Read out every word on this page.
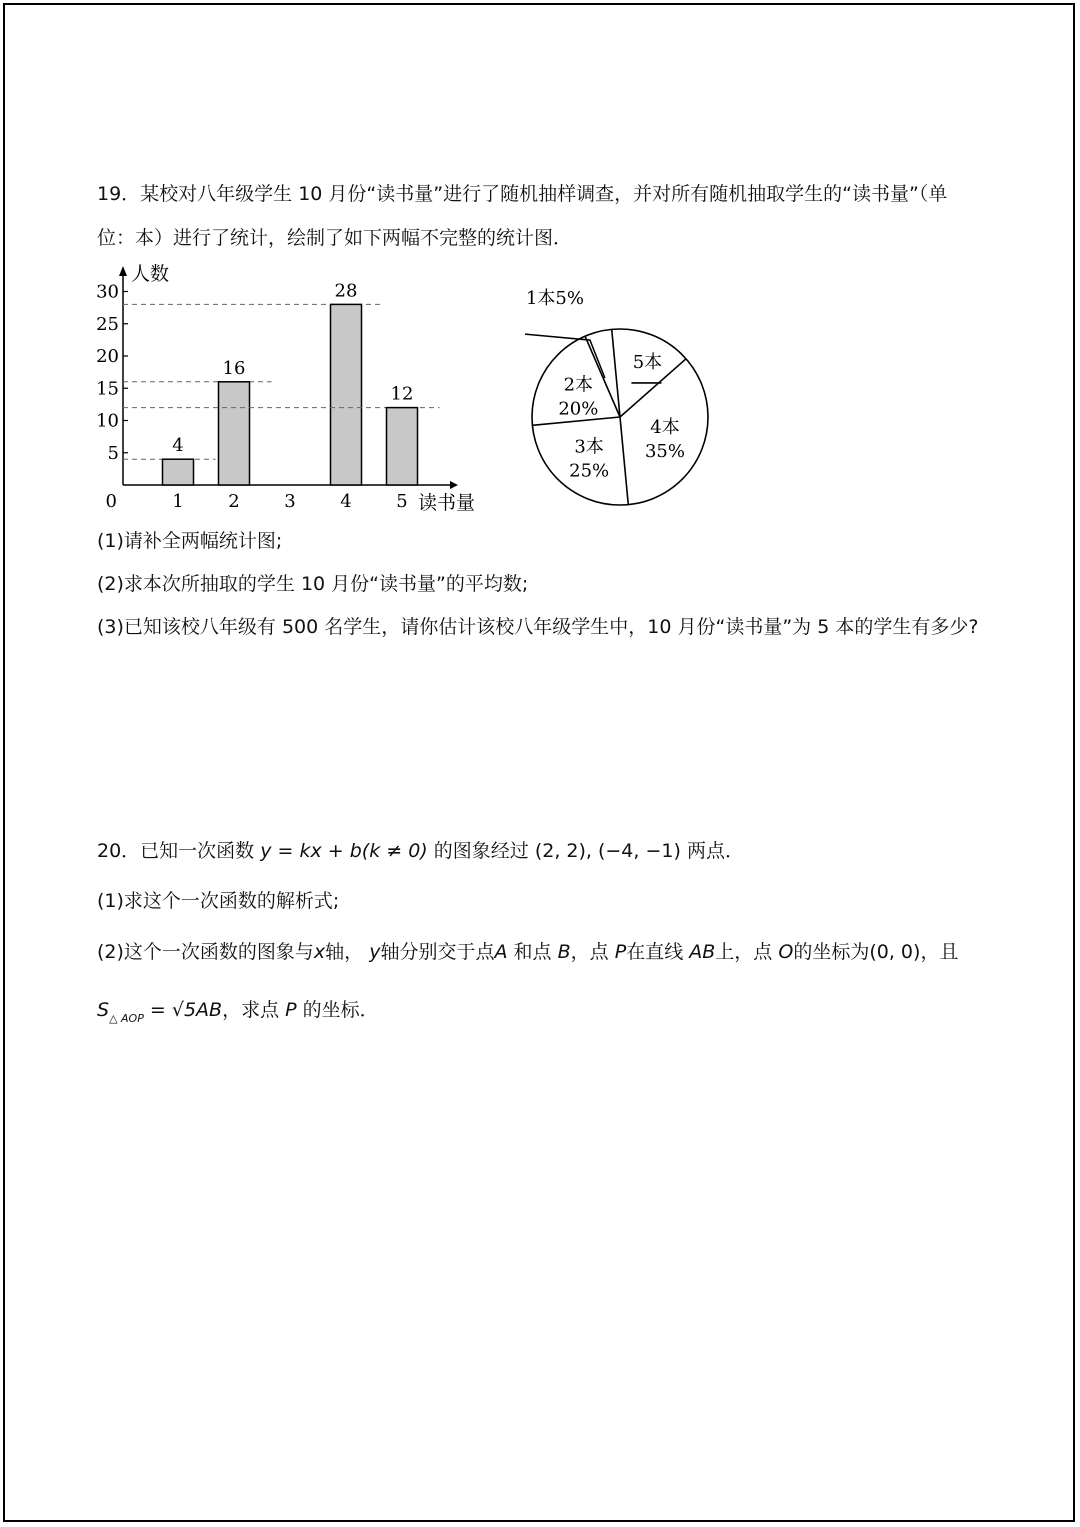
19．某校对八年级学生 10 月份“读书量”进行了随机抽样调查，并对所有随机抽取学生的“读书量”（单
位：本）进行了统计，绘制了如下两幅不完整的统计图．
人数
读书量
0
5
10
15
20
25
30
1
4
2
16
3 4
28
5
12
1本5%
5本
4本
35%
3本
25%
2本
20%
(1)请补全两幅统计图;
(2)求本次所抽取的学生 10 月份“读书量”的平均数;
(3)已知该校八年级有 500 名学生，请你估计该校八年级学生中，10 月份“读书量”为 5 本的学生有多少?
20．已知一次函数 y = kx + b(k ≠ 0) 的图象经过 (2, 2), (−4, −1) 两点．
(1)求这个一次函数的解析式;
(2)这个一次函数的图象与x轴， y轴分别交于点A 和点 B，点 P在直线 AB上，点 O的坐标为(0, 0)，且
$S_{\triangle AOP} = √5AB$，求点 P 的坐标．
